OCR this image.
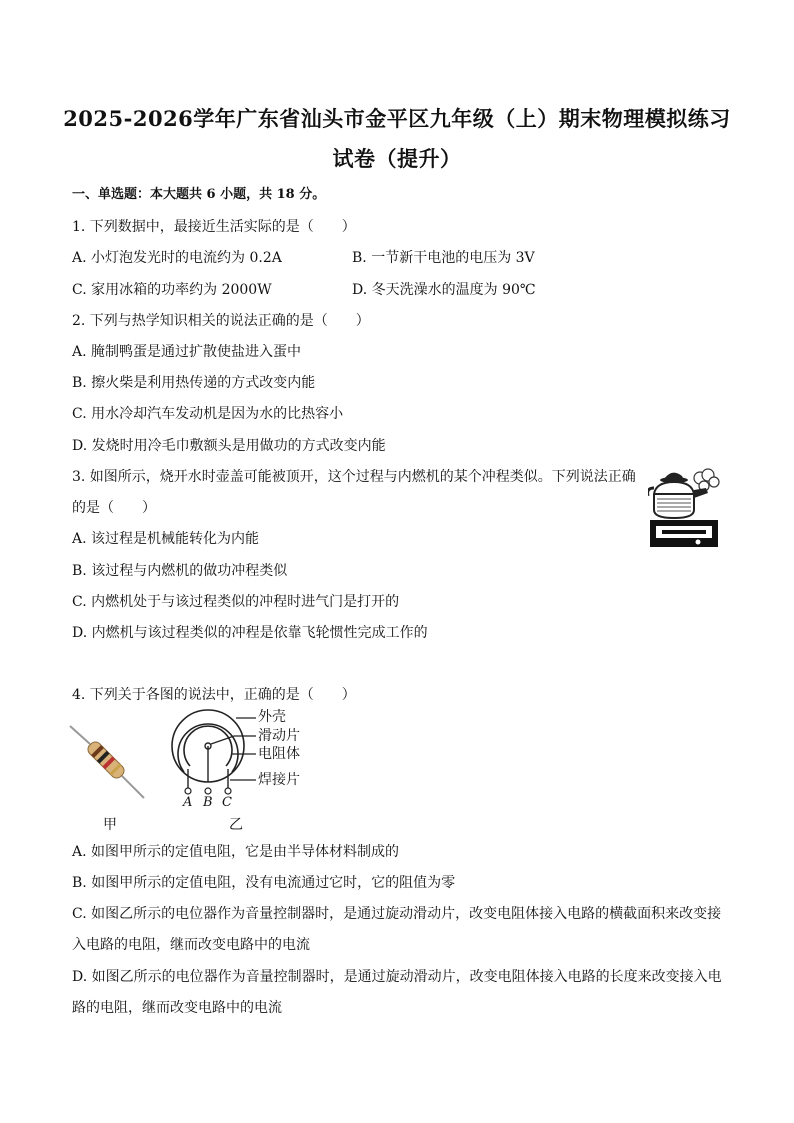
2025-2026学年广东省汕头市金平区九年级（上）期末物理模拟练习
试卷（提升）
一、单选题：本大题共 6 小题，共 18 分。
1. 下列数据中，最接近生活实际的是（　　）
A. 小灯泡发光时的电流约为 0.2A	B. 一节新干电池的电压为 3V
C. 家用冰箱的功率约为 2000W	D. 冬天洗澡水的温度为 90℃
2. 下列与热学知识相关的说法正确的是（　　）
A. 腌制鸭蛋是通过扩散使盐进入蛋中
B. 擦火柴是利用热传递的方式改变内能
C. 用水冷却汽车发动机是因为水的比热容小
D. 发烧时用冷毛巾敷额头是用做功的方式改变内能
3. 如图所示，烧开水时壶盖可能被顶开，这个过程与内燃机的某个冲程类似。下列说法正确
的是（　　）
A. 该过程是机械能转化为内能
B. 该过程与内燃机的做功冲程类似
C. 内燃机处于与该过程类似的冲程时进气门是打开的
D. 内燃机与该过程类似的冲程是依靠飞轮惯性完成工作的
4. 下列关于各图的说法中，正确的是（　　）
外壳
滑动片
电阻体
焊接片
A B C
甲	乙
A. 如图甲所示的定值电阻，它是由半导体材料制成的
B. 如图甲所示的定值电阻，没有电流通过它时，它的阻值为零
C. 如图乙所示的电位器作为音量控制器时，是通过旋动滑动片，改变电阻体接入电路的横截面积来改变接
入电路的电阻，继而改变电路中的电流
D. 如图乙所示的电位器作为音量控制器时，是通过旋动滑动片，改变电阻体接入电路的长度来改变接入电
路的电阻，继而改变电路中的电流
